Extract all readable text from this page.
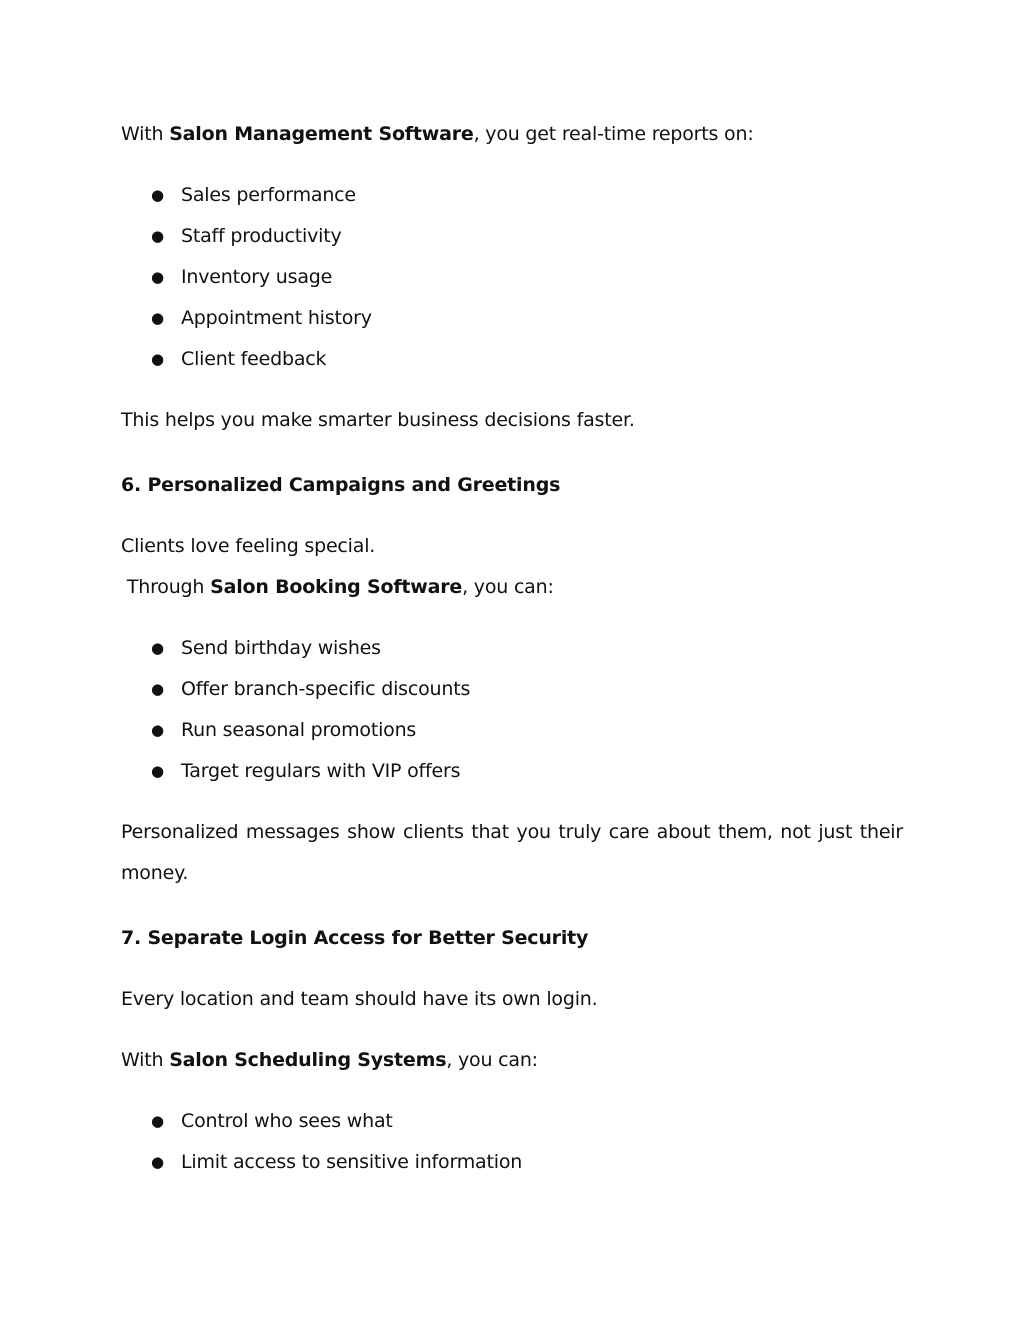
With Salon Management Software, you get real-time reports on:
● Sales performance
● Staff productivity
● Inventory usage
● Appointment history
● Client feedback
This helps you make smarter business decisions faster.
6. Personalized Campaigns and Greetings
Clients love feeling special.
Through Salon Booking Software, you can:
● Send birthday wishes
● Offer branch-specific discounts
● Run seasonal promotions
● Target regulars with VIP offers
Personalized messages show clients that you truly care about them, not just their money.
7. Separate Login Access for Better Security
Every location and team should have its own login.
With Salon Scheduling Systems, you can:
● Control who sees what
● Limit access to sensitive information
